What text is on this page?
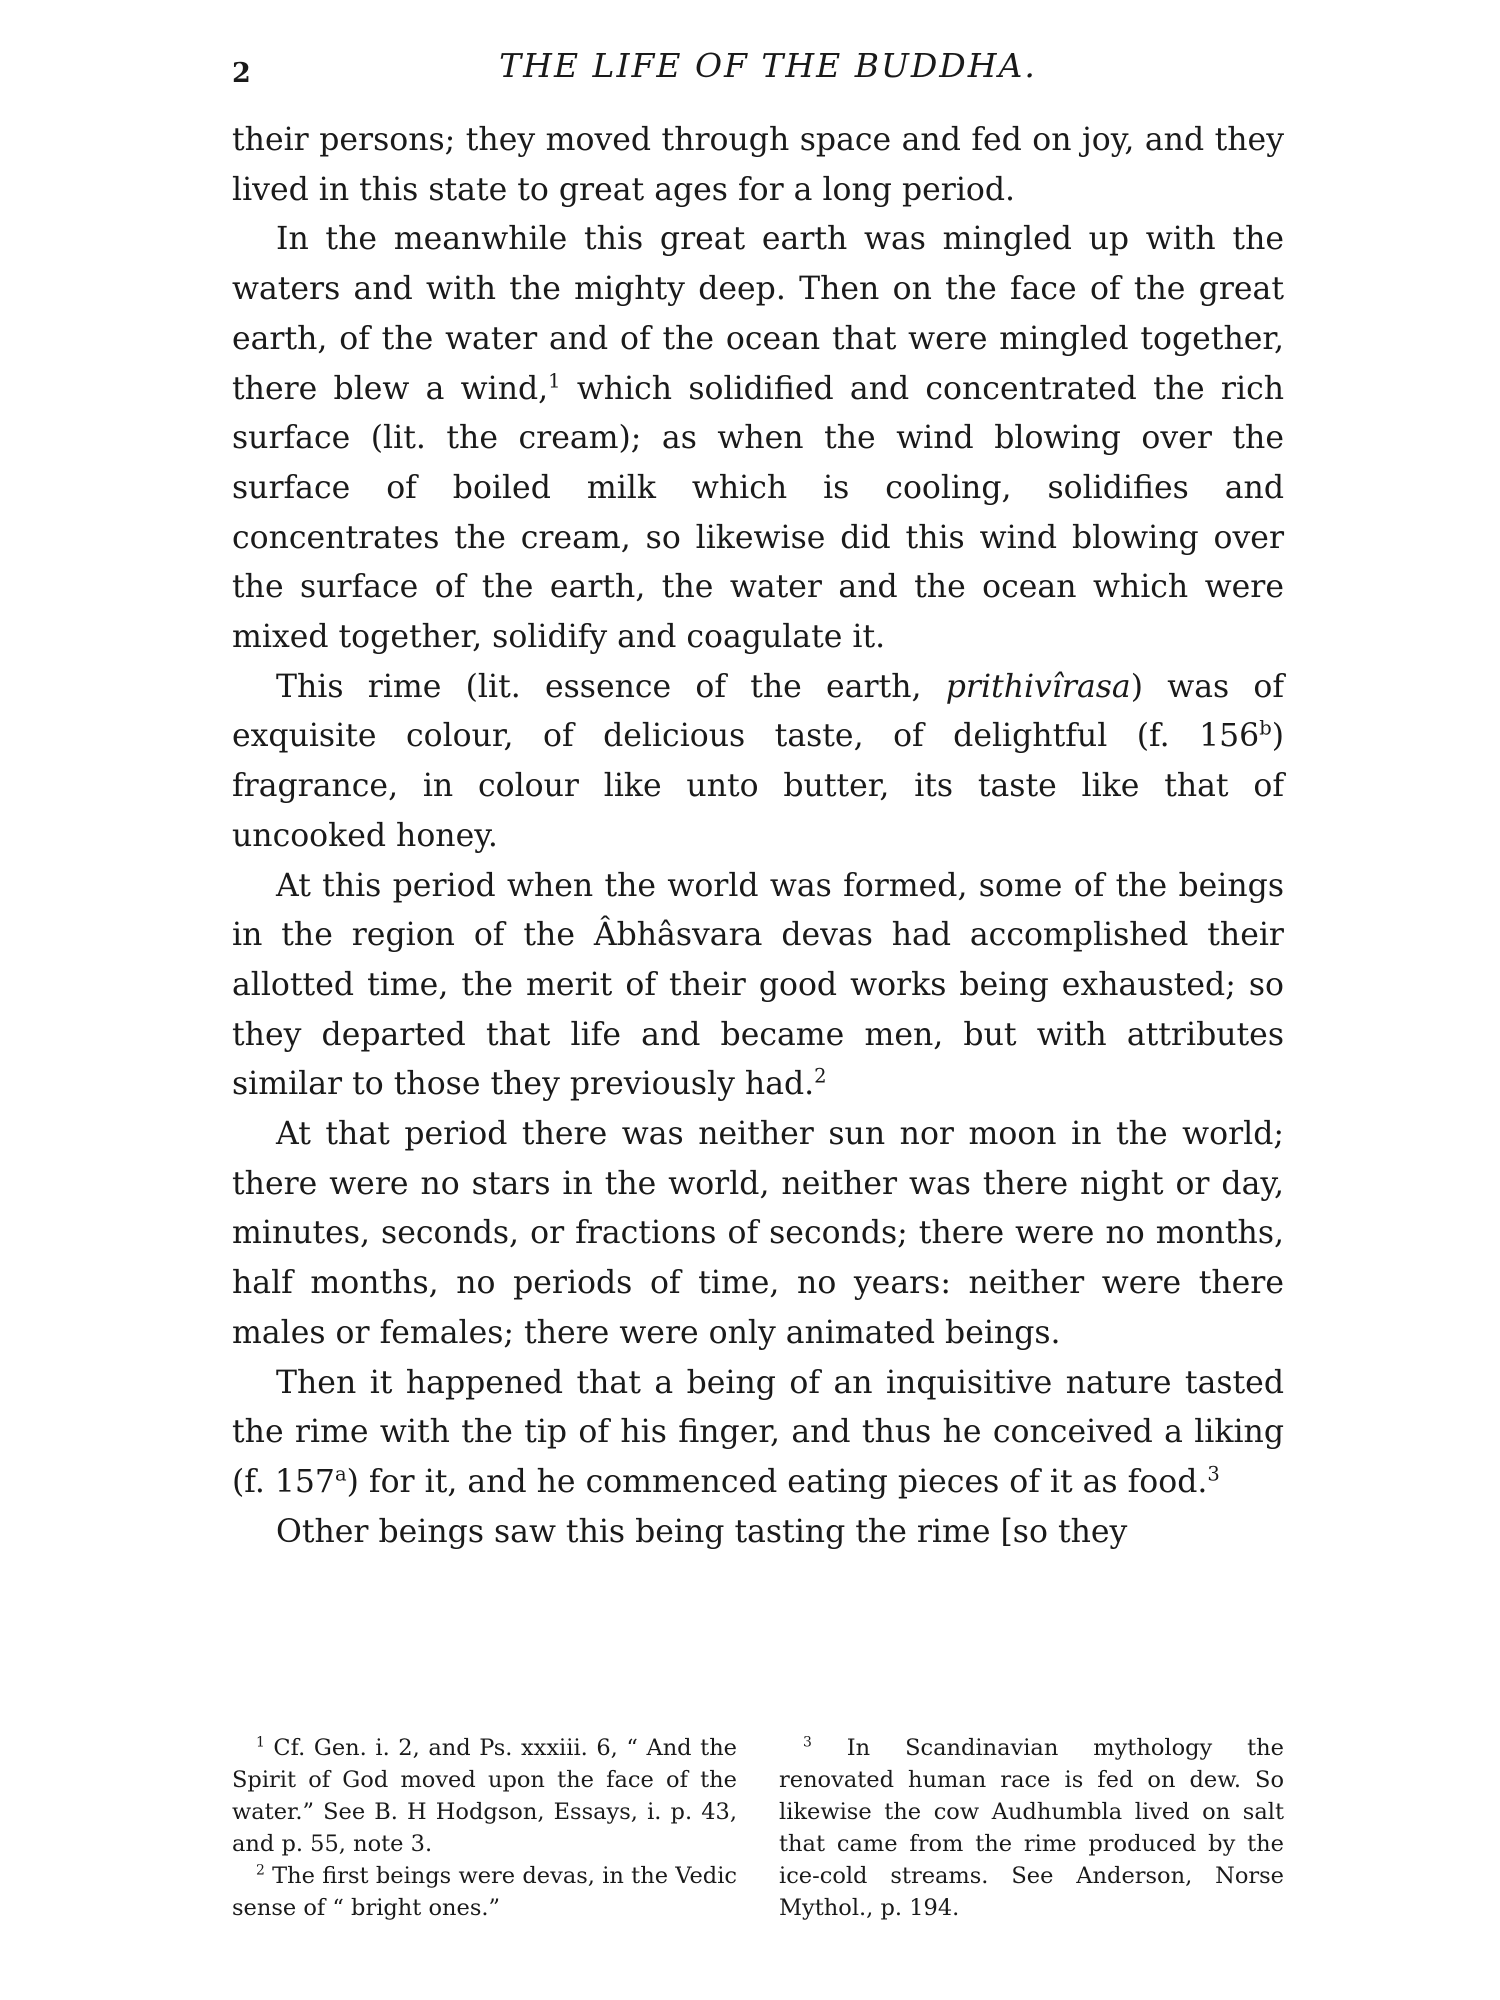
2	THE LIFE OF THE BUDDHA.

their persons; they moved through space and fed on joy, and they lived in this state to great ages for a long period.

In the meanwhile this great earth was mingled up with the waters and with the mighty deep. Then on the face of the great earth, of the water and of the ocean that were mingled together, there blew a wind,$^1$ which solidified and concentrated the rich surface (lit. the cream); as when the wind blowing over the surface of boiled milk which is cooling, solidifies and concentrates the cream, so likewise did this wind blowing over the surface of the earth, the water and the ocean which were mixed together, solidify and coagulate it.

This rime (lit. essence of the earth, prithivîrasa) was of exquisite colour, of delicious taste, of delightful (f. 156$^b$) fragrance, in colour like unto butter, its taste like that of uncooked honey.

At this period when the world was formed, some of the beings in the region of the Âbhâsvara devas had accomplished their allotted time, the merit of their good works being exhausted; so they departed that life and became men, but with attributes similar to those they previously had.$^2$

At that period there was neither sun nor moon in the world; there were no stars in the world, neither was there night or day, minutes, seconds, or fractions of seconds; there were no months, half months, no periods of time, no years: neither were there males or females; there were only animated beings.

Then it happened that a being of an inquisitive nature tasted the rime with the tip of his finger, and thus he conceived a liking (f. 157$^a$) for it, and he commenced eating pieces of it as food.$^3$

Other beings saw this being tasting the rime [so they

$^1$ Cf. Gen. i. 2, and Ps. xxxiii. 6, “ And the Spirit of God moved upon the face of the water.” See B. H Hodgson, Essays, i. p. 43, and p. 55, note 3.

$^2$ The first beings were devas, in the Vedic sense of “ bright ones.”

$^3$ In Scandinavian mythology the renovated human race is fed on dew. So likewise the cow Audhumbla lived on salt that came from the rime produced by the ice-cold streams. See Anderson, Norse Mythol., p. 194.
